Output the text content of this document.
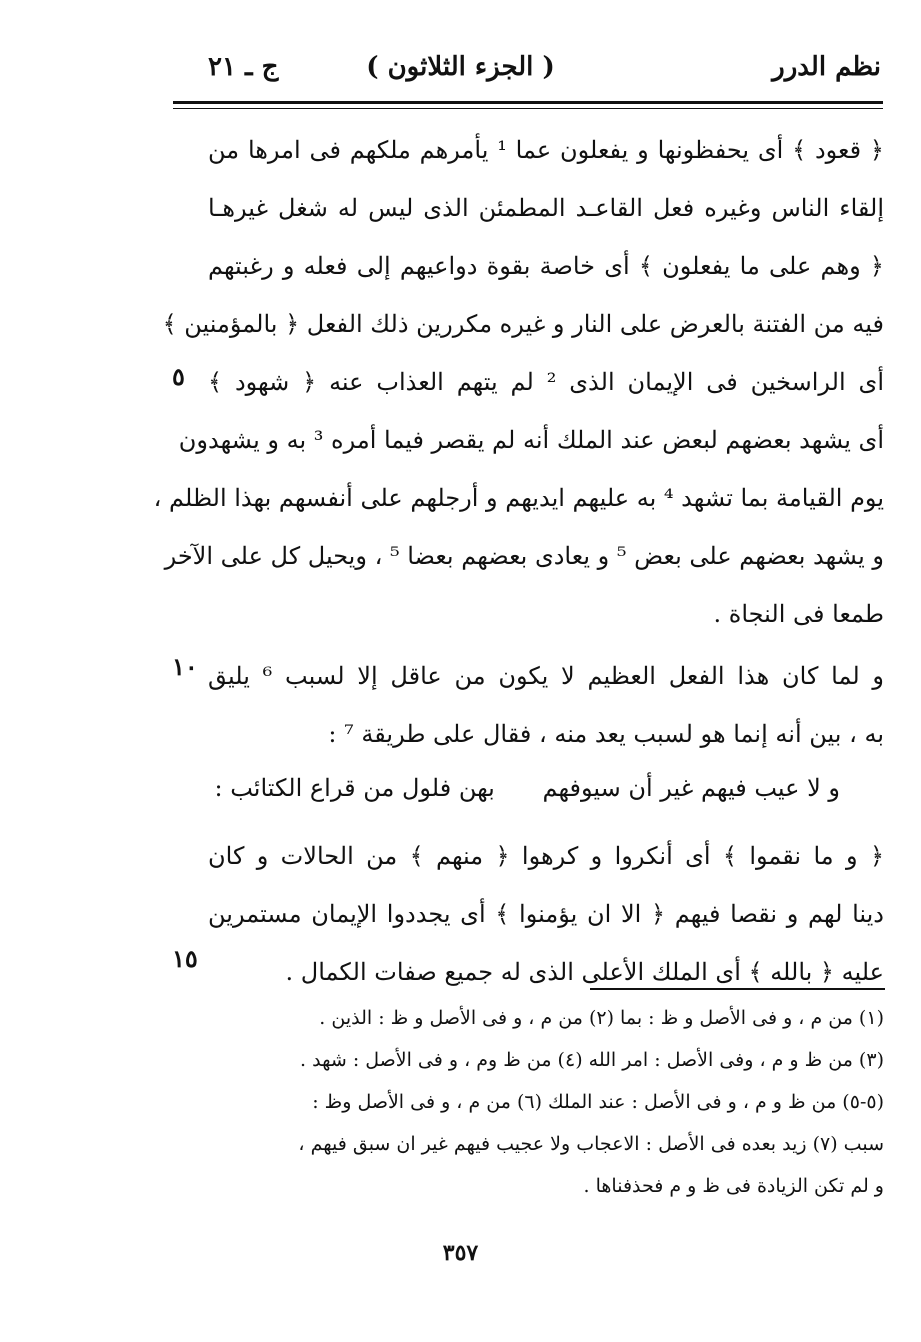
نظم الدرر
( الجزء الثلاثون )
ج ـ ٢١
﴿ قعود ﴾ أى يحفظونها و يفعلون عما ¹ يأمرهم ملكهم فى امرها من
إلقاء الناس وغيره فعل القاعـد المطمئن الذى ليس له شغل غيرهـا
﴿ وهم على ما يفعلون ﴾ أى خاصة بقوة دواعيهم إلى فعله و رغبتهم
فيه من الفتنة بالعرض على النار و غيره مكررين ذلك الفعل ﴿ بالمؤمنين ﴾
أى الراسخين فى الإيمان الذى ² لم يتهم العذاب عنه ﴿ شهود ﴾
أى يشهد بعضهم لبعض عند الملك أنه لم يقصر فيما أمره ³ به و يشهدون
يوم القيامة بما تشهد ⁴ به عليهم ايديهم و أرجلهم على أنفسهم بهذا الظلم ،
و يشهد بعضهم على بعض ⁵ و يعادى بعضهم بعضا ⁵ ، ويحيل كل على الآخر
طمعا فى النجاة .
و لما كان هذا الفعل العظيم لا يكون من عاقل إلا لسبب ⁶ يليق
به ، بين أنه إنما هو لسبب يعد منه ، فقال على طريقة ⁷ :
﴿ و ما نقموا ﴾ أى أنكروا و كرهوا ﴿ منهم ﴾ من الحالات و كان
دينا لهم و نقصا فيهم ﴿ الا ان يؤمنوا ﴾ أى يجددوا الإيمان مستمرين
عليه ﴿ بالله ﴾ أى الملك الأعلى الذى له جميع صفات الكمال .
٥
١٠
١٥
و لا عيب فيهم غير أن سيوفهم بهن فلول من قراع الكتائب :
(١) من م ، و فى الأصل و ظ : بما (٢) من م ، و فى الأصل و ظ : الذين .
(٣) من ظ و م ، وفى الأصل : امر الله (٤) من ظ وم ، و فى الأصل : شهد .
(٥-٥) من ظ و م ، و فى الأصل : عند الملك (٦) من م ، و فى الأصل وظ :
سبب (٧) زيد بعده فى الأصل : الاعجاب ولا عجيب فيهم غير ان سبق فيهم ،
و لم تكن الزيادة فى ظ و م فحذفناها .
٣٥٧
